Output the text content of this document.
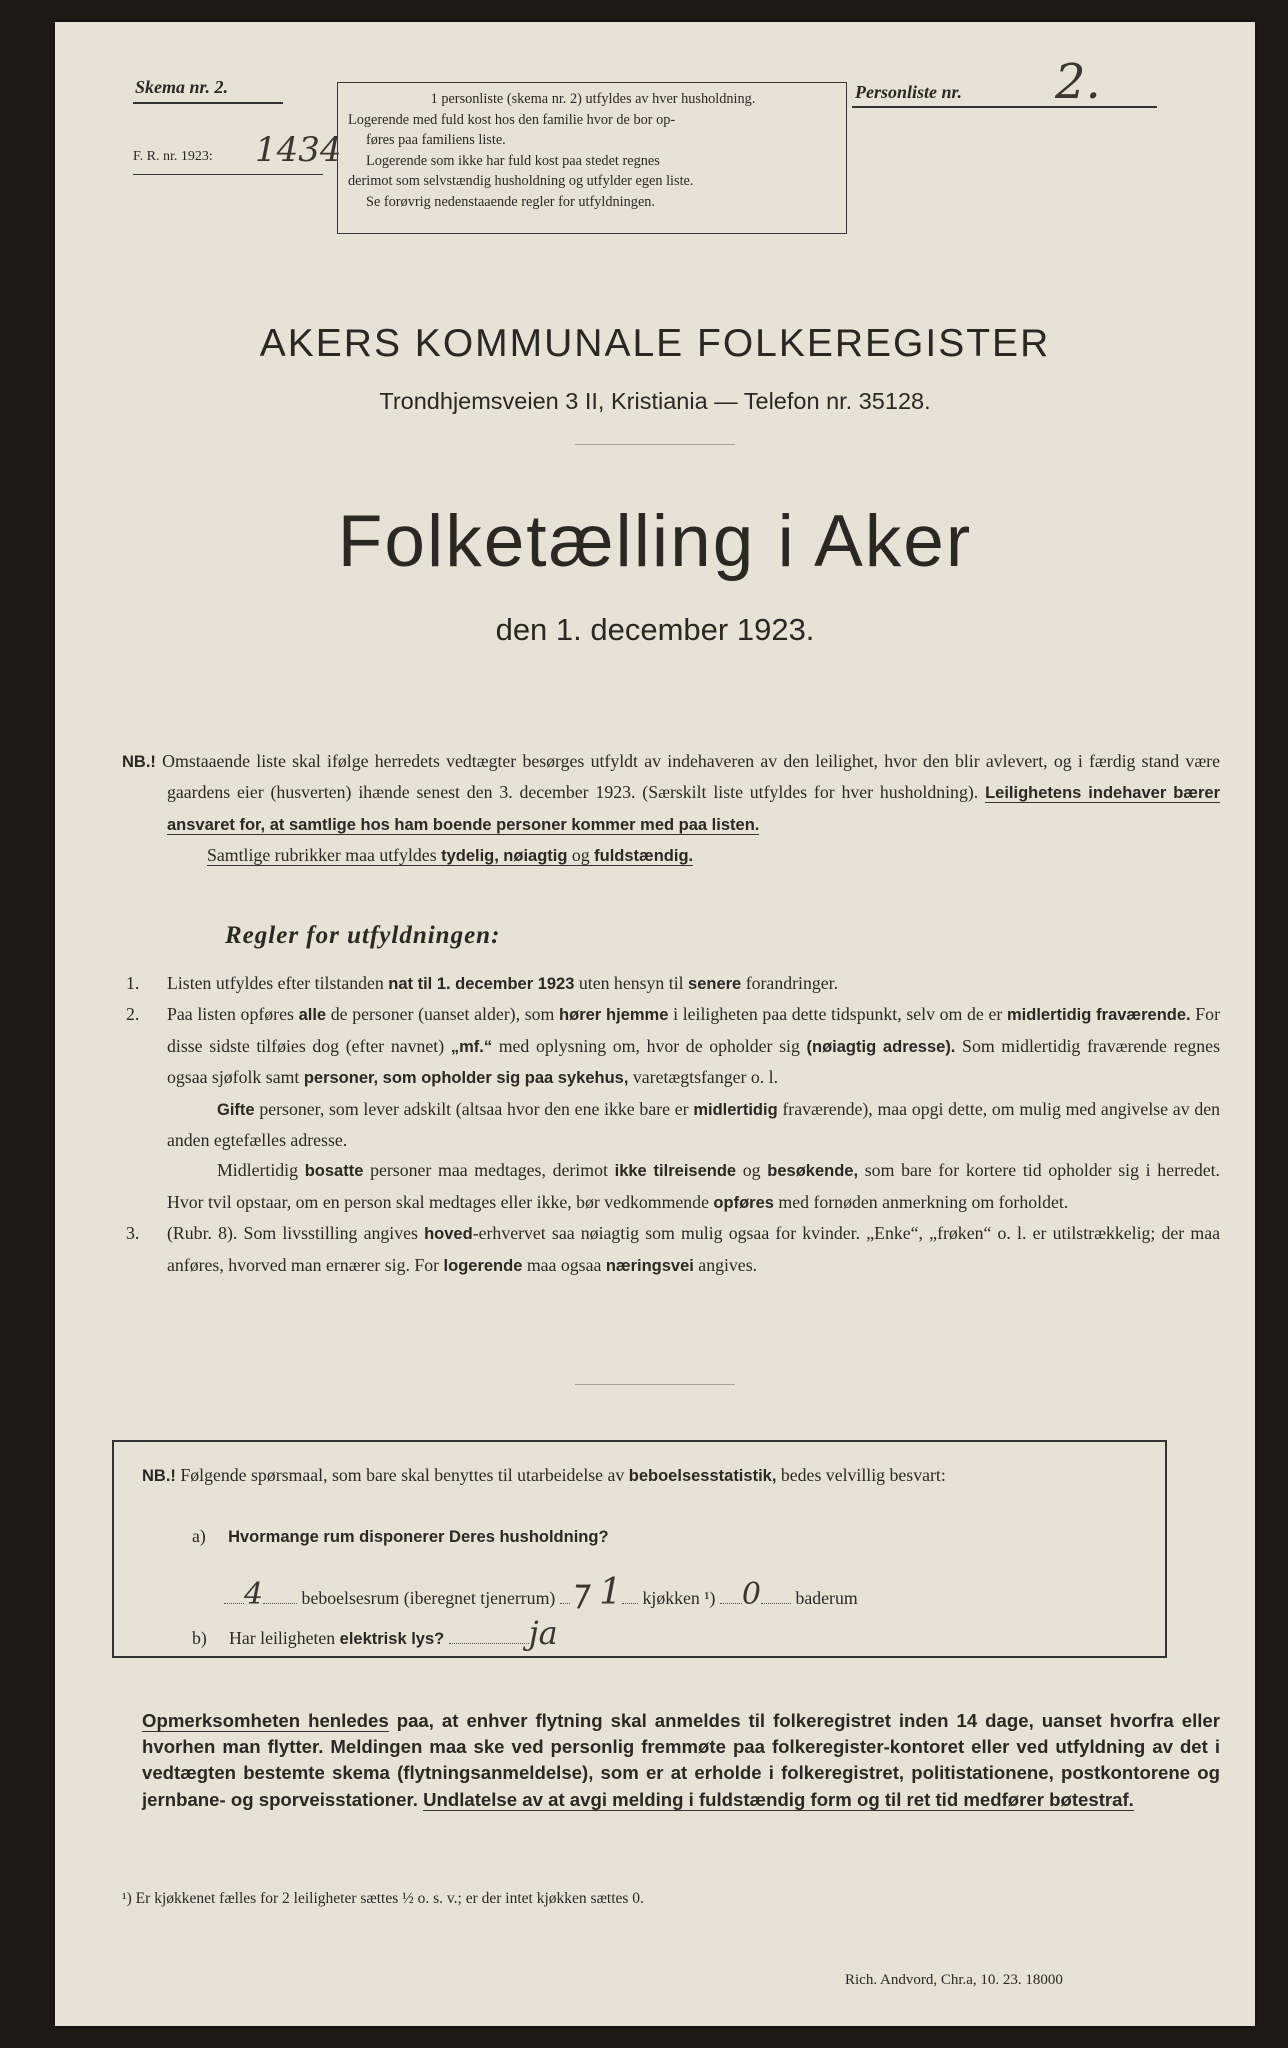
Skema nr. 2.
F. R. nr. 1923: 1434
1 personliste (skema nr. 2) utfyldes av hver husholdning.
Logerende med fuld kost hos den familie hvor de bor op-
føres paa familiens liste.
Logerende som ikke har fuld kost paa stedet regnes
derimot som selvstændig husholdning og utfylder egen liste.
Se forøvrig nedenstaaende regler for utfyldningen.
Personliste nr. 2.
AKERS KOMMUNALE FOLKEREGISTER
Trondhjemsveien 3 II, Kristiania — Telefon nr. 35128.
Folketælling i Aker
den 1. december 1923.
NB.! Omstaaende liste skal ifølge herredets vedtægter besørges utfyldt av indehaveren av den leilighet, hvor den blir avlevert, og i færdig stand være gaardens eier (husverten) ihænde senest den 3. december 1923. (Særskilt liste utfyldes for hver husholdning). Leilighetens indehaver bærer ansvaret for, at samtlige hos ham boende personer kommer med paa listen.
Samtlige rubrikker maa utfyldes tydelig, nøiagtig og fuldstændig.
Regler for utfyldningen:
1. Listen utfyldes efter tilstanden nat til 1. december 1923 uten hensyn til senere forandringer.
2. Paa listen opføres alle de personer (uanset alder), som hører hjemme i leiligheten paa dette tidspunkt, selv om de er midlertidig fraværende. For disse sidste tilføies dog (efter navnet) „mf.“ med oplysning om, hvor de opholder sig (nøiagtig adresse). Som midlertidig fraværende regnes ogsaa sjøfolk samt personer, som opholder sig paa sykehus, varetægtsfanger o. l.
Gifte personer, som lever adskilt (altsaa hvor den ene ikke bare er midlertidig fraværende), maa opgi dette, om mulig med angivelse av den anden egtefælles adresse.
Midlertidig bosatte personer maa medtages, derimot ikke tilreisende og besøkende, som bare for kortere tid opholder sig i herredet. Hvor tvil opstaar, om en person skal medtages eller ikke, bør vedkommende opføres med fornøden anmerkning om forholdet.
3. (Rubr. 8). Som livsstilling angives hoved-erhvervet saa nøiagtig som mulig ogsaa for kvinder. „Enke“, „frøken“ o. l. er utilstrækkelig; der maa anføres, hvorved man ernærer sig. For logerende maa ogsaa næringsvei angives.
NB.! Følgende spørsmaal, som bare skal benyttes til utarbeidelse av beboelsesstatistik, bedes velvillig besvart:
a) Hvormange rum disponerer Deres husholdning?
4 beboelsesrum (iberegnet tjenerrum) ⁊ 1 kjøkken ¹) 0 baderum
b) Har leiligheten elektrisk lys?	ja
Opmerksomheten henledes paa, at enhver flytning skal anmeldes til folkeregistret inden 14 dage, uanset hvorfra eller hvorhen man flytter. Meldingen maa ske ved personlig fremmøte paa folkeregister-kontoret eller ved utfyldning av det i vedtægten bestemte skema (flytningsanmeldelse), som er at erholde i folkeregistret, politistationene, postkontorene og jernbane- og sporveisstationer. Undlatelse av at avgi melding i fuldstændig form og til ret tid medfører bøtestraf.
¹) Er kjøkkenet fælles for 2 leiligheter sættes ½ o. s. v.; er der intet kjøkken sættes 0.
Rich. Andvord, Chr.a, 10. 23. 18000
